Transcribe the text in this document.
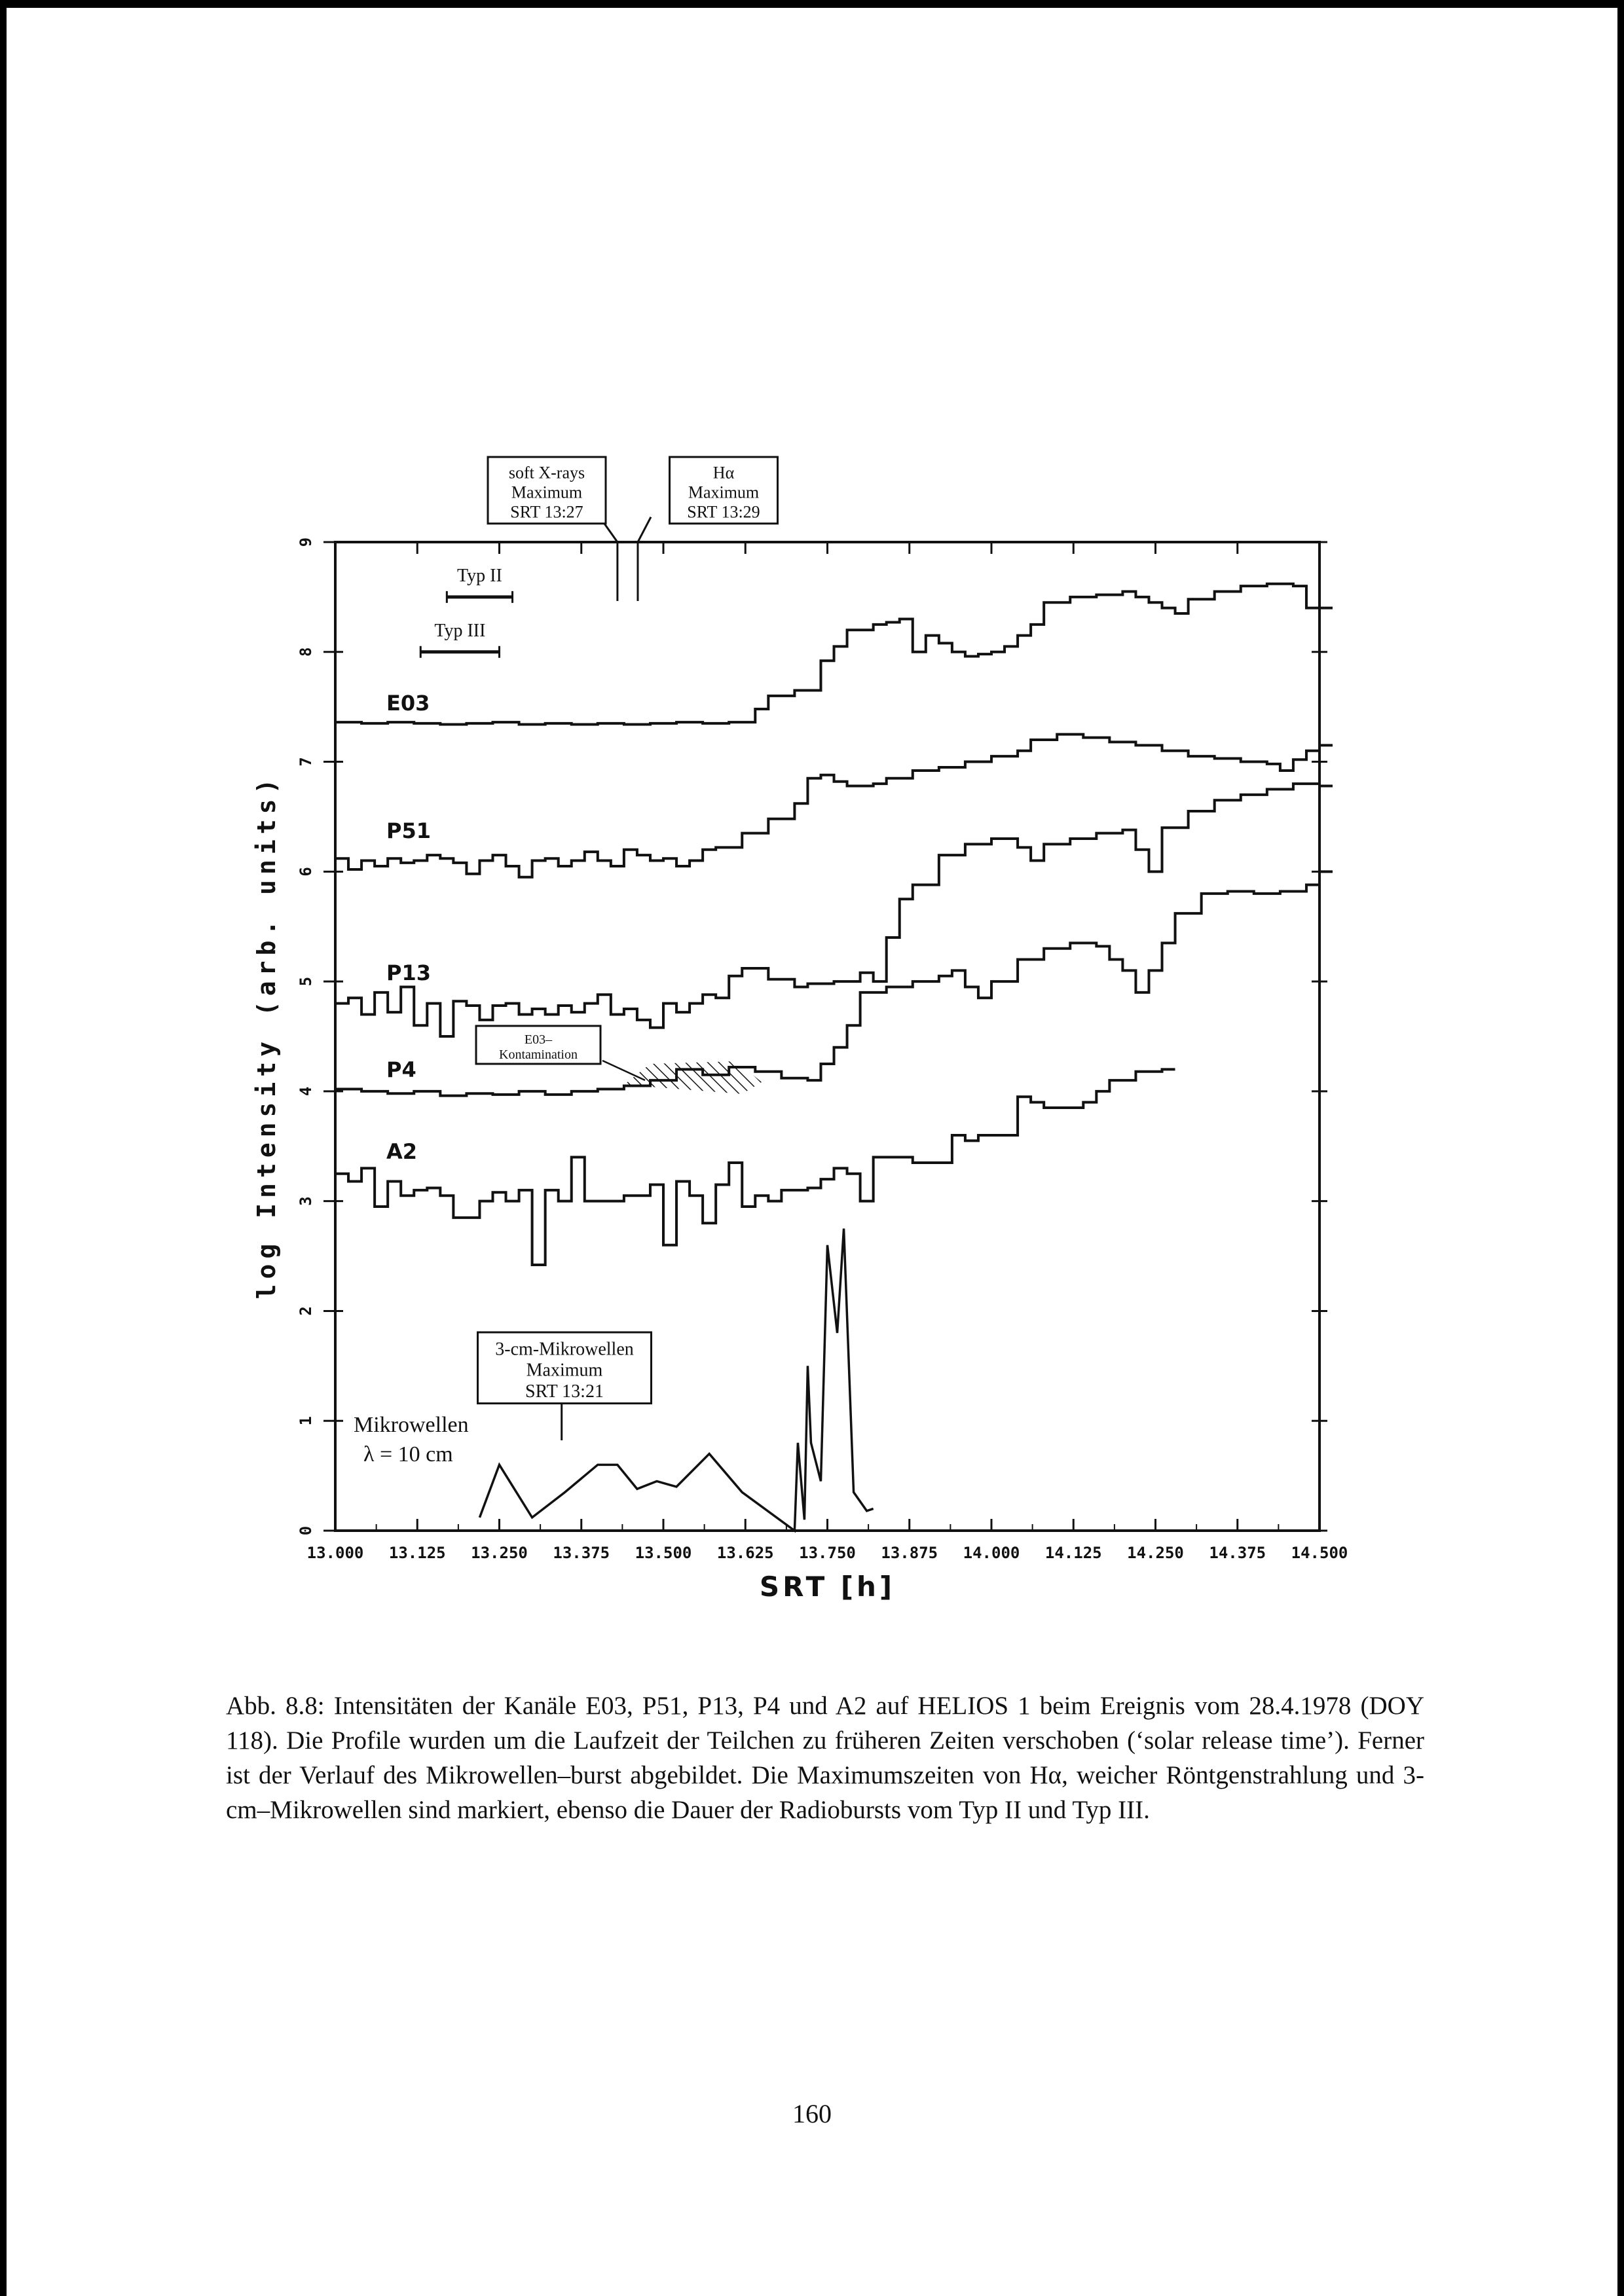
13.000 13.125 13.250 13.375 13.500 13.625 13.750 13.875 14.000 14.125 14.250 14.375 14.500
0
1
2
3
4
5
6
7
8
9
SRT [h]
log Intensity (arb. units)
E03
P51
P13
P4
A2
Mikrowellen
λ = 10 cm
soft X-rays
Maximum
SRT 13:27
Hα
Maximum
SRT 13:29
3-cm-Mikrowellen
Maximum
SRT 13:21
E03–
Kontamination
Typ II
Typ III

Abb. 8.8: Intensitäten der Kanäle E03, P51, P13, P4 und A2 auf HELIOS 1 beim Ereignis vom 28.4.1978 (DOY 118). Die Profile wurden um die Laufzeit der Teilchen zu früheren Zeiten verschoben (‘solar release time’). Ferner ist der Verlauf des Mikrowellen–burst abgebildet. Die Maximumszeiten von Hα, weicher Röntgenstrahlung und 3-cm–Mikrowellen sind markiert, ebenso die Dauer der Radiobursts vom Typ II und Typ III.

160
